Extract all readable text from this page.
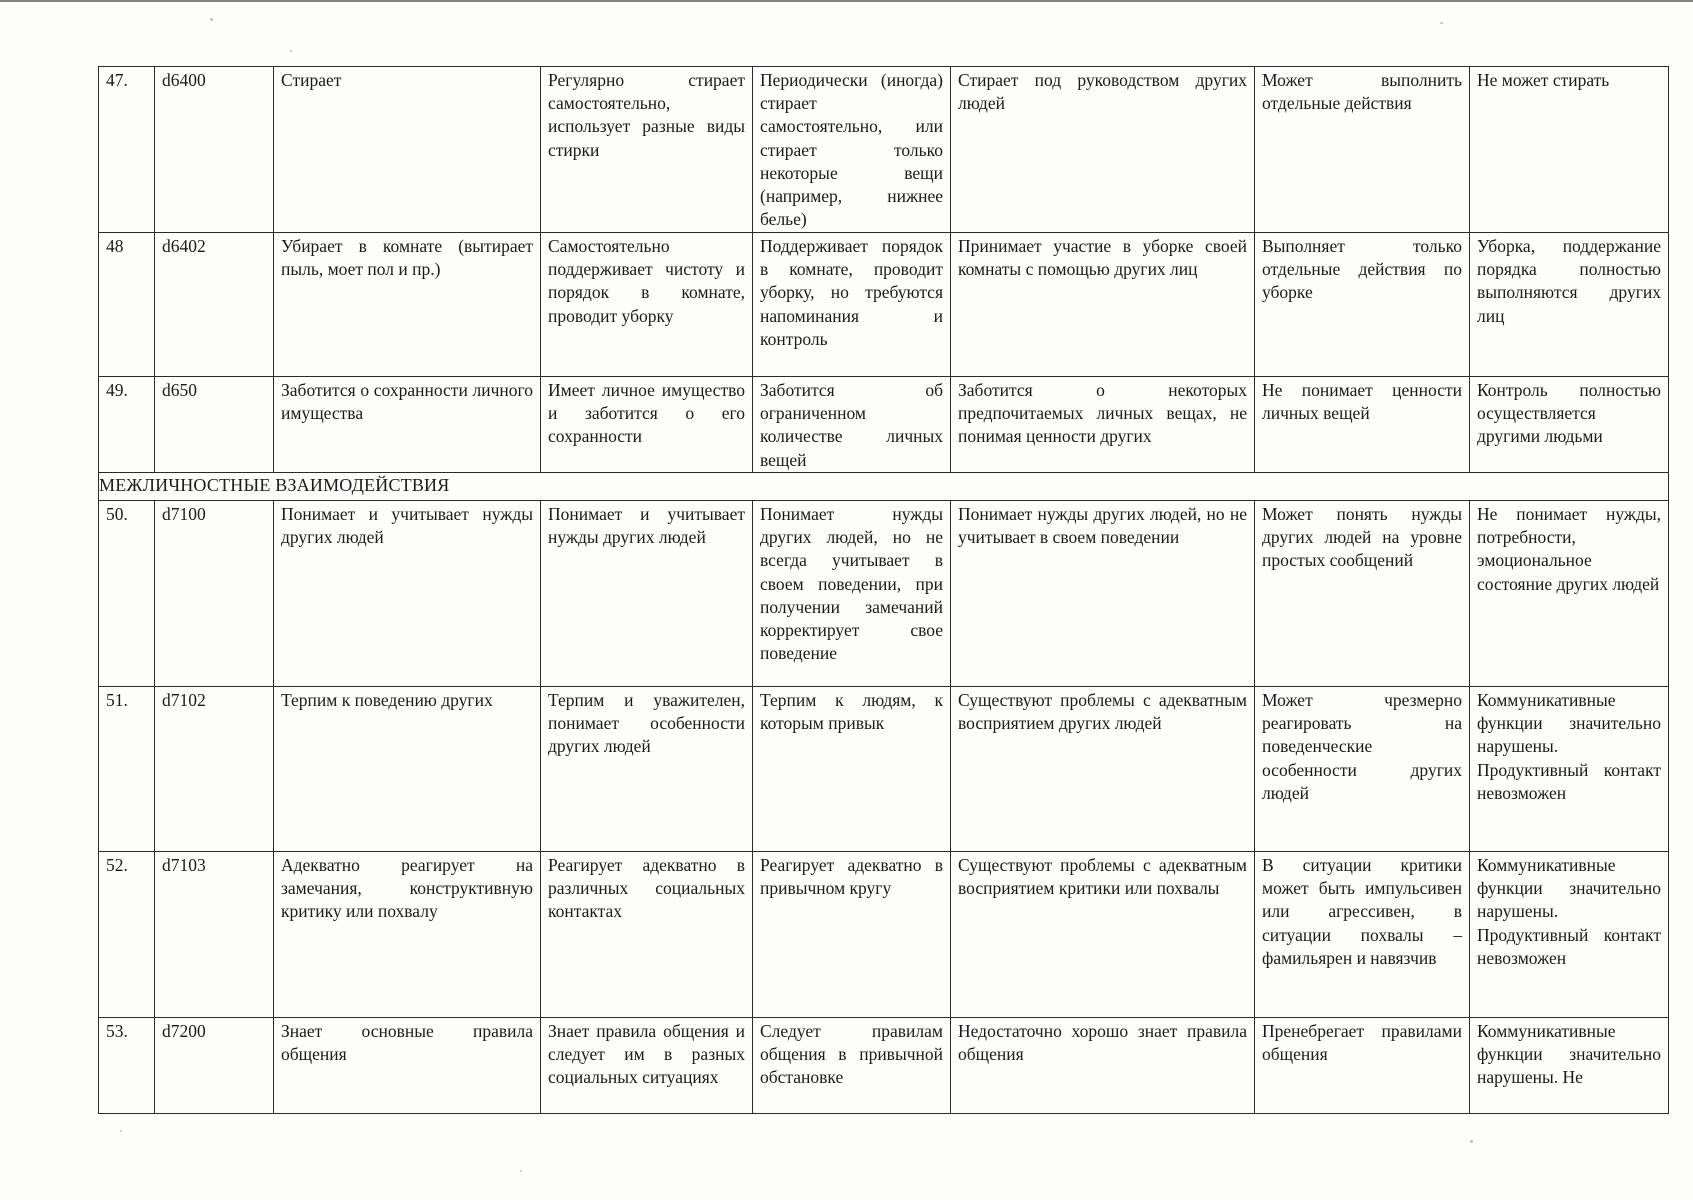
47.	d6400	Стирает	Регулярно стирает самостоятельно, использует разные виды стирки	Периодически (иногда) стирает самостоятельно, или стирает только некоторые вещи (например, нижнее белье)	Стирает под руководством других людей	Может выполнить отдельные действия	Не может стирать
48	d6402	Убирает в комнате (вытирает пыль, моет пол и пр.)	Самостоятельно поддерживает чистоту и порядок в комнате, проводит уборку	Поддерживает порядок в комнате, проводит уборку, но требуются напоминания и контроль	Принимает участие в уборке своей комнаты с помощью других лиц	Выполняет только отдельные действия по уборке	Уборка, поддержание порядка полностью выполняются других лиц
49.	d650	Заботится о сохранности личного имущества	Имеет личное имущество и заботится о его сохранности	Заботится об ограниченном количестве личных вещей	Заботится о некоторых предпочитаемых личных вещах, не понимая ценности других	Не понимает ценности личных вещей	Контроль полностью осуществляется другими людьми
МЕЖЛИЧНОСТНЫЕ ВЗАИМОДЕЙСТВИЯ							
50.	d7100	Понимает и учитывает нужды других людей	Понимает и учитывает нужды других людей	Понимает нужды других людей, но не всегда учитывает в своем поведении, при получении замечаний корректирует свое поведение	Понимает нужды других людей, но не учитывает в своем поведении	Может понять нужды других людей на уровне простых сообщений	Не понимает нужды, потребности, эмоциональное состояние других людей
51.	d7102	Терпим к поведению других	Терпим и уважителен, понимает особенности других людей	Терпим к людям, к которым привык	Существуют проблемы с адекватным восприятием других людей	Может чрезмерно реагировать на поведенческие особенности других людей	Коммуникативные функции значительно нарушены. Продуктивный контакт невозможен
52.	d7103	Адекватно реагирует на замечания, конструктивную критику или похвалу	Реагирует адекватно в различных социальных контактах	Реагирует адекватно в привычном кругу	Существуют проблемы с адекватным восприятием критики или похвалы	В ситуации критики может быть импульсивен или агрессивен, в ситуации похвалы – фамильярен и навязчив	Коммуникативные функции значительно нарушены. Продуктивный контакт невозможен
53.	d7200	Знает основные правила общения	Знает правила общения и следует им в разных социальных ситуациях	Следует правилам общения в привычной обстановке	Недостаточно хорошо знает правила общения	Пренебрегает правилами общения	Коммуникативные функции значительно нарушены. Не
